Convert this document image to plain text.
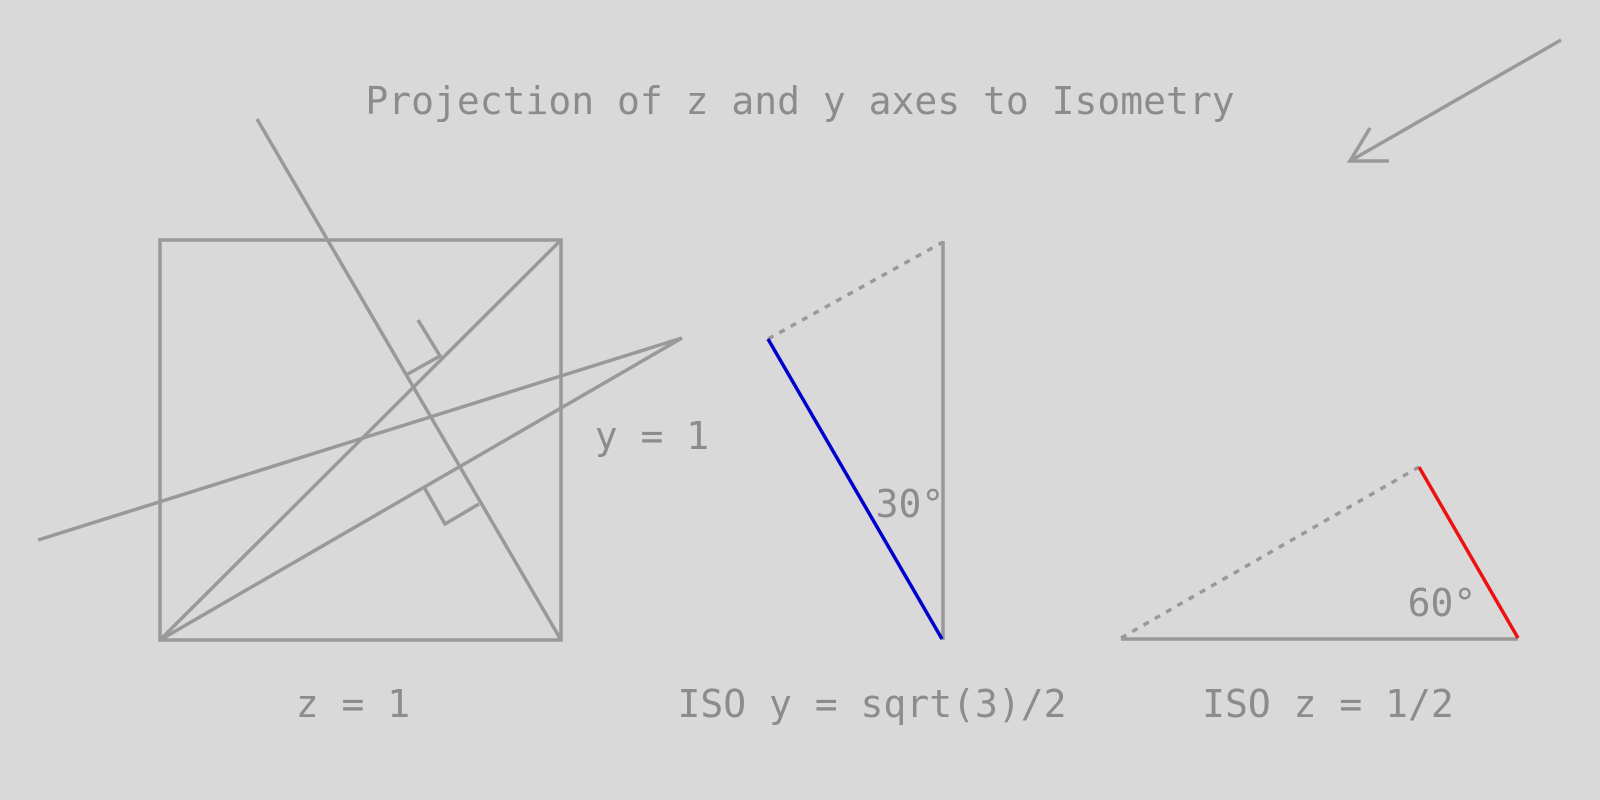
Projection of z and y axes to Isometry
y = 1
z = 1
30°
ISO y = sqrt(3)/2
60°
ISO z = 1/2
